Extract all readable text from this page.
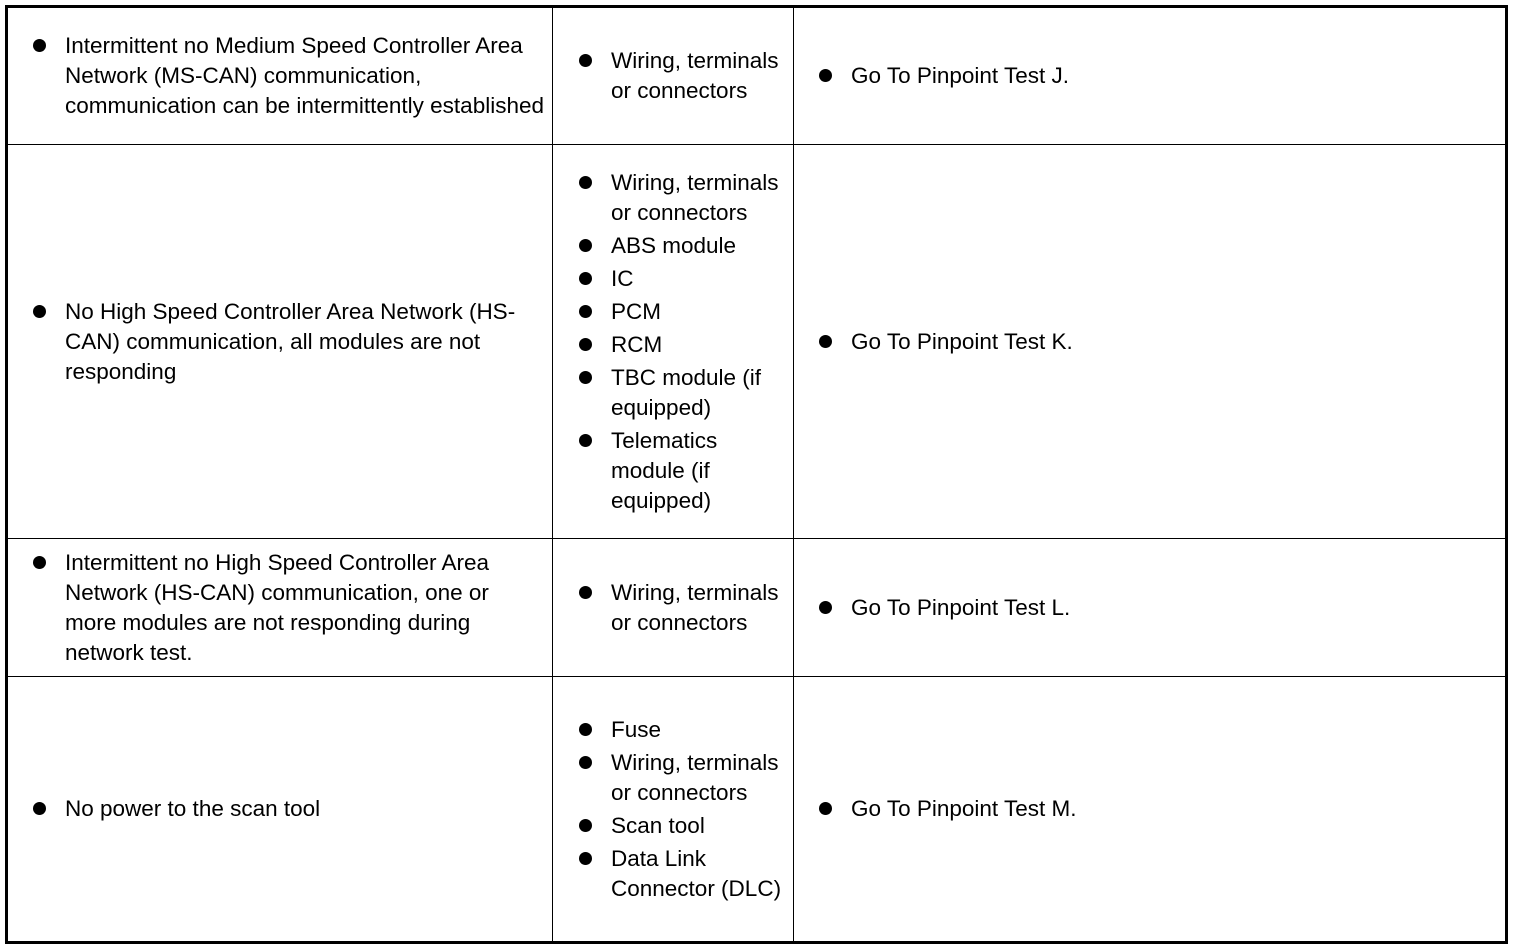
Intermittent no Medium Speed Controller Area Network (MS-CAN) communication, communication can be intermittently established
Wiring, terminals or connectors
Go To Pinpoint Test J.
No High Speed Controller Area Network (HS-CAN) communication, all modules are not responding
Wiring, terminals or connectors
ABS module
IC
PCM
RCM
TBC module (if equipped)
Telematics module (if equipped)
Go To Pinpoint Test K.
Intermittent no High Speed Controller Area Network (HS-CAN) communication, one or more modules are not responding during network test.
Wiring, terminals or connectors
Go To Pinpoint Test L.
No power to the scan tool
Fuse
Wiring, terminals or connectors
Scan tool
Data Link Connector (DLC)
Go To Pinpoint Test M.
